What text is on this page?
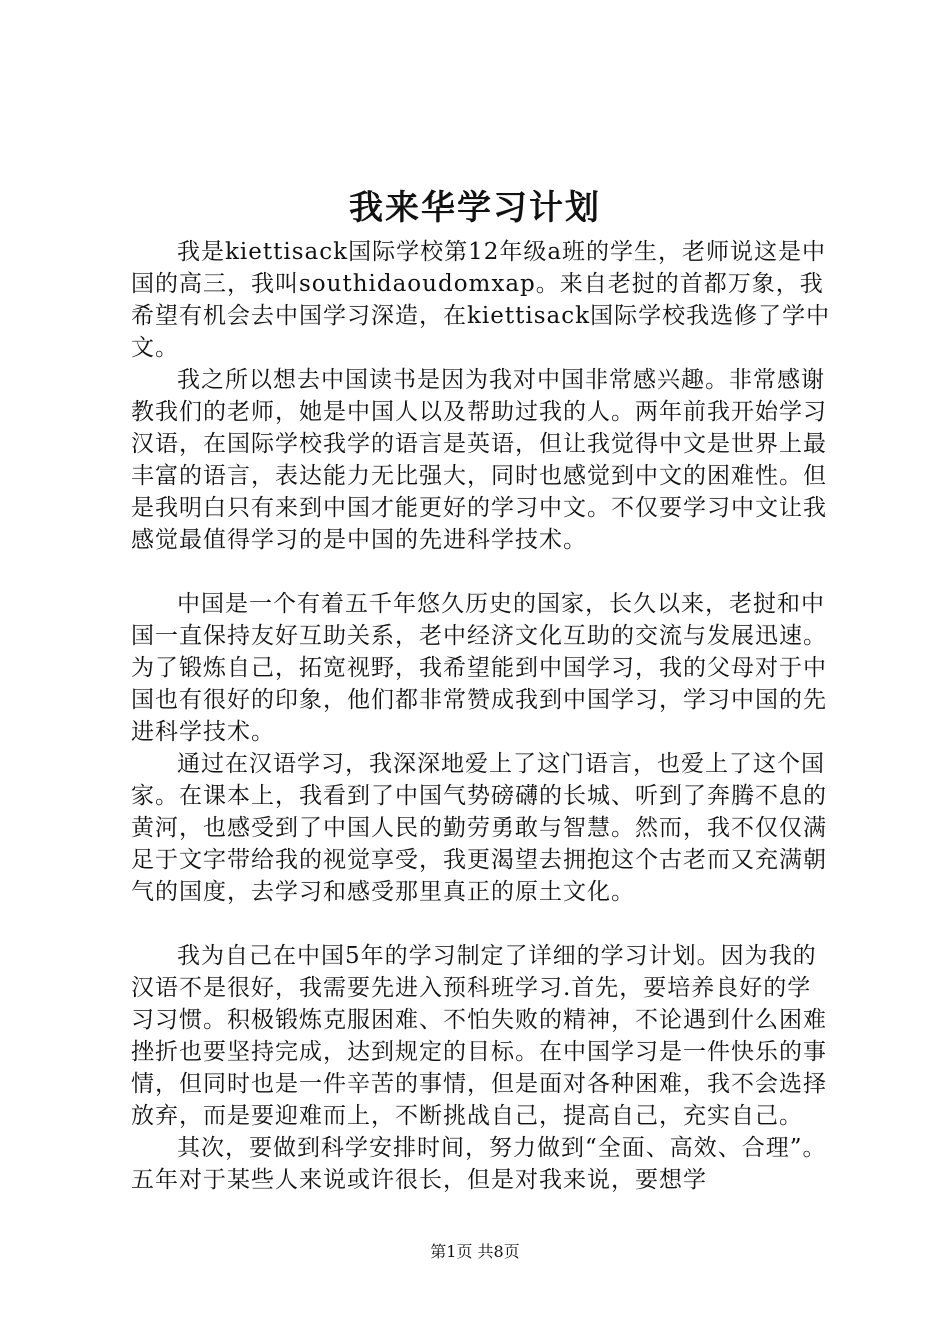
我来华学习计划

我是kiettisack国际学校第12年级a班的学生，老师说这是中国的高三，我叫southidaoudomxap。来自老挝的首都万象，我希望有机会去中国学习深造，在kiettisack国际学校我选修了学中文。

我之所以想去中国读书是因为我对中国非常感兴趣。非常感谢教我们的老师，她是中国人以及帮助过我的人。两年前我开始学习汉语，在国际学校我学的语言是英语，但让我觉得中文是世界上最丰富的语言，表达能力无比强大，同时也感觉到中文的困难性。但是我明白只有来到中国才能更好的学习中文。不仅要学习中文让我感觉最值得学习的是中国的先进科学技术。

中国是一个有着五千年悠久历史的国家，长久以来，老挝和中国一直保持友好互助关系，老中经济文化互助的交流与发展迅速。为了锻炼自己，拓宽视野，我希望能到中国学习，我的父母对于中国也有很好的印象，他们都非常赞成我到中国学习，学习中国的先进科学技术。

通过在汉语学习，我深深地爱上了这门语言，也爱上了这个国家。在课本上，我看到了中国气势磅礴的长城、听到了奔腾不息的黄河，也感受到了中国人民的勤劳勇敢与智慧。然而，我不仅仅满足于文字带给我的视觉享受，我更渴望去拥抱这个古老而又充满朝气的国度，去学习和感受那里真正的原土文化。

我为自己在中国5年的学习制定了详细的学习计划。因为我的汉语不是很好，我需要先进入预科班学习.首先，要培养良好的学习习惯。积极锻炼克服困难、不怕失败的精神，不论遇到什么困难挫折也要坚持完成，达到规定的目标。在中国学习是一件快乐的事情，但同时也是一件辛苦的事情，但是面对各种困难，我不会选择放弃，而是要迎难而上，不断挑战自己，提高自己，充实自己。

其次，要做到科学安排时间，努力做到“全面、高效、合理”。五年对于某些人来说或许很长，但是对我来说，要想学

第1页 共8页
